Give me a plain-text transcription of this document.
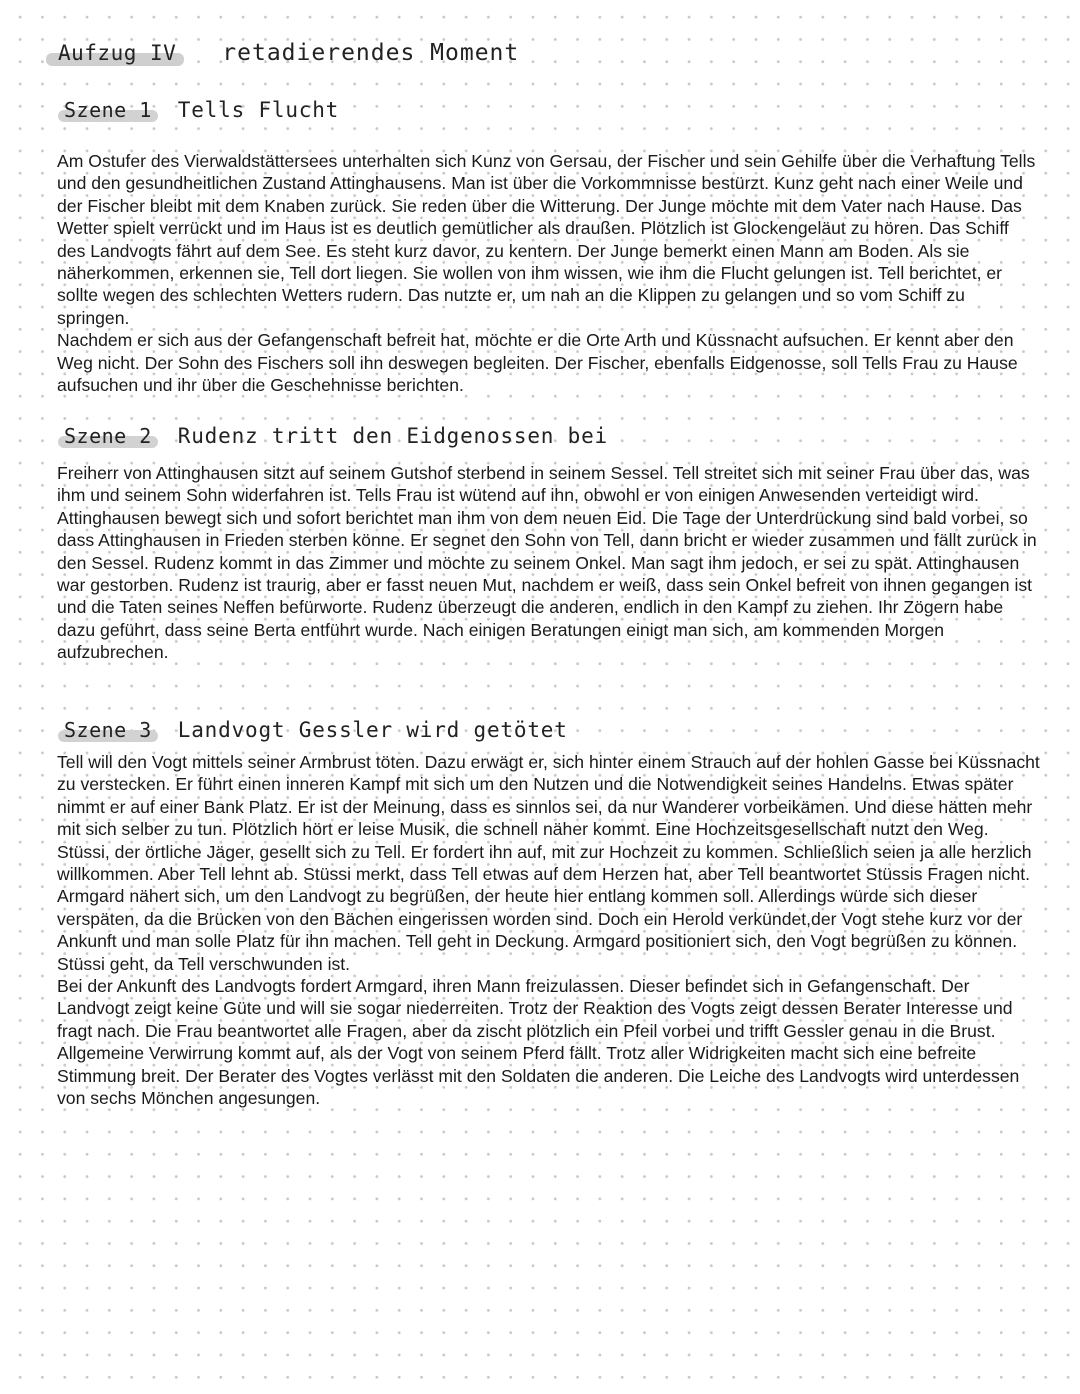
Aufzug IV retadierendes Moment
Szene 1 Tells Flucht

Am Ostufer des Vierwaldstättersees unterhalten sich Kunz von Gersau, der Fischer und sein Gehilfe über die Verhaftung Tells und den gesundheitlichen Zustand Attinghausens. Man ist über die Vorkommnisse bestürzt. Kunz geht nach einer Weile und der Fischer bleibt mit dem Knaben zurück. Sie reden über die Witterung. Der Junge möchte mit dem Vater nach Hause. Das Wetter spielt verrückt und im Haus ist es deutlich gemütlicher als draußen. Plötzlich ist Glockengeläut zu hören. Das Schiff des Landvogts fährt auf dem See. Es steht kurz davor, zu kentern. Der Junge bemerkt einen Mann am Boden. Als sie näherkommen, erkennen sie, Tell dort liegen. Sie wollen von ihm wissen, wie ihm die Flucht gelungen ist. Tell berichtet, er sollte wegen des schlechten Wetters rudern. Das nutzte er, um nah an die Klippen zu gelangen und so vom Schiff zu springen.

Nachdem er sich aus der Gefangenschaft befreit hat, möchte er die Orte Arth und Küssnacht aufsuchen. Er kennt aber den Weg nicht. Der Sohn des Fischers soll ihn deswegen begleiten. Der Fischer, ebenfalls Eidgenosse, soll Tells Frau zu Hause aufsuchen und ihr über die Geschehnisse berichten.

Szene 2 Rudenz tritt den Eidgenossen bei

Freiherr von Attinghausen sitzt auf seinem Gutshof sterbend in seinem Sessel. Tell streitet sich mit seiner Frau über das, was ihm und seinem Sohn widerfahren ist. Tells Frau ist wütend auf ihn, obwohl er von einigen Anwesenden verteidigt wird. Attinghausen bewegt sich und sofort berichtet man ihm von dem neuen Eid. Die Tage der Unterdrückung sind bald vorbei, so dass Attinghausen in Frieden sterben könne. Er segnet den Sohn von Tell, dann bricht er wieder zusammen und fällt zurück in den Sessel. Rudenz kommt in das Zimmer und möchte zu seinem Onkel. Man sagt ihm jedoch, er sei zu spät. Attinghausen war gestorben. Rudenz ist traurig, aber er fasst neuen Mut, nachdem er weiß, dass sein Onkel befreit von ihnen gegangen ist und die Taten seines Neffen befürworte. Rudenz überzeugt die anderen, endlich in den Kampf zu ziehen. Ihr Zögern habe dazu geführt, dass seine Berta entführt wurde. Nach einigen Beratungen einigt man sich, am kommenden Morgen aufzubrechen.

Szene 3 Landvogt Gessler wird getötet

Tell will den Vogt mittels seiner Armbrust töten. Dazu erwägt er, sich hinter einem Strauch auf der hohlen Gasse bei Küssnacht zu verstecken. Er führt einen inneren Kampf mit sich um den Nutzen und die Notwendigkeit seines Handelns. Etwas später nimmt er auf einer Bank Platz. Er ist der Meinung, dass es sinnlos sei, da nur Wanderer vorbeikämen. Und diese hätten mehr mit sich selber zu tun. Plötzlich hört er leise Musik, die schnell näher kommt. Eine Hochzeitsgesellschaft nutzt den Weg. Stüssi, der örtliche Jäger, gesellt sich zu Tell. Er fordert ihn auf, mit zur Hochzeit zu kommen. Schließlich seien ja alle herzlich willkommen. Aber Tell lehnt ab. Stüssi merkt, dass Tell etwas auf dem Herzen hat, aber Tell beantwortet Stüssis Fragen nicht.

Armgard nähert sich, um den Landvogt zu begrüßen, der heute hier entlang kommen soll. Allerdings würde sich dieser verspäten, da die Brücken von den Bächen eingerissen worden sind. Doch ein Herold verkündet,der Vogt stehe kurz vor der Ankunft und man solle Platz für ihn machen. Tell geht in Deckung. Armgard positioniert sich, den Vogt begrüßen zu können. Stüssi geht, da Tell verschwunden ist.

Bei der Ankunft des Landvogts fordert Armgard, ihren Mann freizulassen. Dieser befindet sich in Gefangenschaft. Der Landvogt zeigt keine Güte und will sie sogar niederreiten. Trotz der Reaktion des Vogts zeigt dessen Berater Interesse und fragt nach. Die Frau beantwortet alle Fragen, aber da zischt plötzlich ein Pfeil vorbei und trifft Gessler genau in die Brust. Allgemeine Verwirrung kommt auf, als der Vogt von seinem Pferd fällt. Trotz aller Widrigkeiten macht sich eine befreite Stimmung breit. Der Berater des Vogtes verlässt mit den Soldaten die anderen. Die Leiche des Landvogts wird unterdessen von sechs Mönchen angesungen.
